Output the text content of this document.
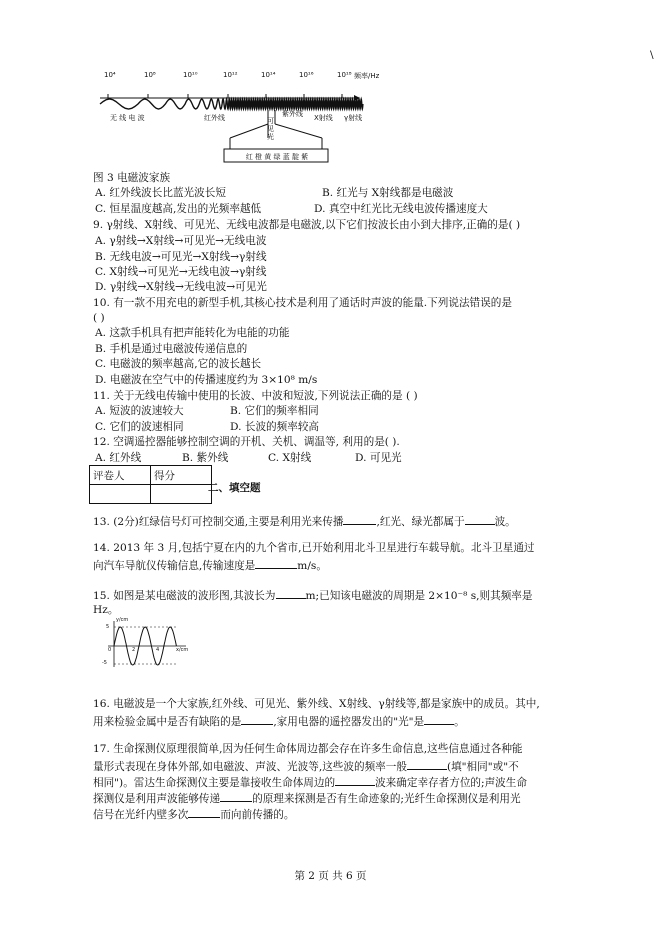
\
10⁴	10⁸	10¹⁰	10¹²	10¹⁴	10¹⁶	10¹⁸ 频率/Hz
无 线 电 波	红外线	可
见
光
紫外线 X射线 γ射线
红 橙 黄 绿 蓝 靛 紫
图 3 电磁波家族
A. 红外线波长比蓝光波长短	B. 红光与 X射线都是电磁波
C. 恒星温度越高,发出的光频率越低	D. 真空中红光比无线电波传播速度大
9. γ射线、X射线、可见光、无线电波都是电磁波,以下它们按波长由小到大排序,正确的是( )
A. γ射线→X射线→可见光→无线电波
B. 无线电波→可见光→X射线→γ射线
C. X射线→可见光→无线电波→γ射线
D. γ射线→X射线→无线电波→可见光
10. 有一款不用充电的新型手机,其核心技术是利用了通话时声波的能量.下列说法错误的是
( )
A. 这款手机具有把声能转化为电能的功能
B. 手机是通过电磁波传递信息的
C. 电磁波的频率越高,它的波长越长
D. 电磁波在空气中的传播速度约为 3×10⁸ m/s
11. 关于无线电传输中使用的长波、中波和短波,下列说法正确的是 ( )
A. 短波的波速较大	B. 它们的频率相同
C. 它们的波速相同	D. 长波的频率较高
12. 空调遥控器能够控制空调的开机、关机、调温等, 利用的是( ).
A. 红外线	B. 紫外线	C. X射线	D. 可见光
评卷人	得分

二、填空题
13. (2分)红绿信号灯可控制交通,主要是利用光来传播	,红光、绿光都属于	波。
14. 2013 年 3 月,包括宁夏在内的九个省市,已开始利用北斗卫星进行车载导航。北斗卫星通过
向汽车导航仪传输信息,传输速度是	m/s。
15. 如图是某电磁波的波形图,其波长为	m;已知该电磁波的周期是 2×10⁻⁸ s,则其频率是
Hz。
y/cm
x/cm
5
-5
0	2	4
16. 电磁波是一个大家族,红外线、可见光、紫外线、X射线、γ射线等,都是家族中的成员。其中,
用来检验金属中是否有缺陷的是	,家用电器的遥控器发出的"光"是	。
17. 生命探测仪原理很简单,因为任何生命体周边都会存在许多生命信息,这些信息通过各种能
量形式表现在身体外部,如电磁波、声波、光波等,这些波的频率一般	(填"相同"或"不
相同")。雷达生命探测仪主要是靠接收生命体周边的	波来确定幸存者方位的;声波生命
探测仪是利用声波能够传递	的原理来探测是否有生命迹象的;光纤生命探测仪是利用光
信号在光纤内壁多次	而向前传播的。
第 2 页 共 6 页
